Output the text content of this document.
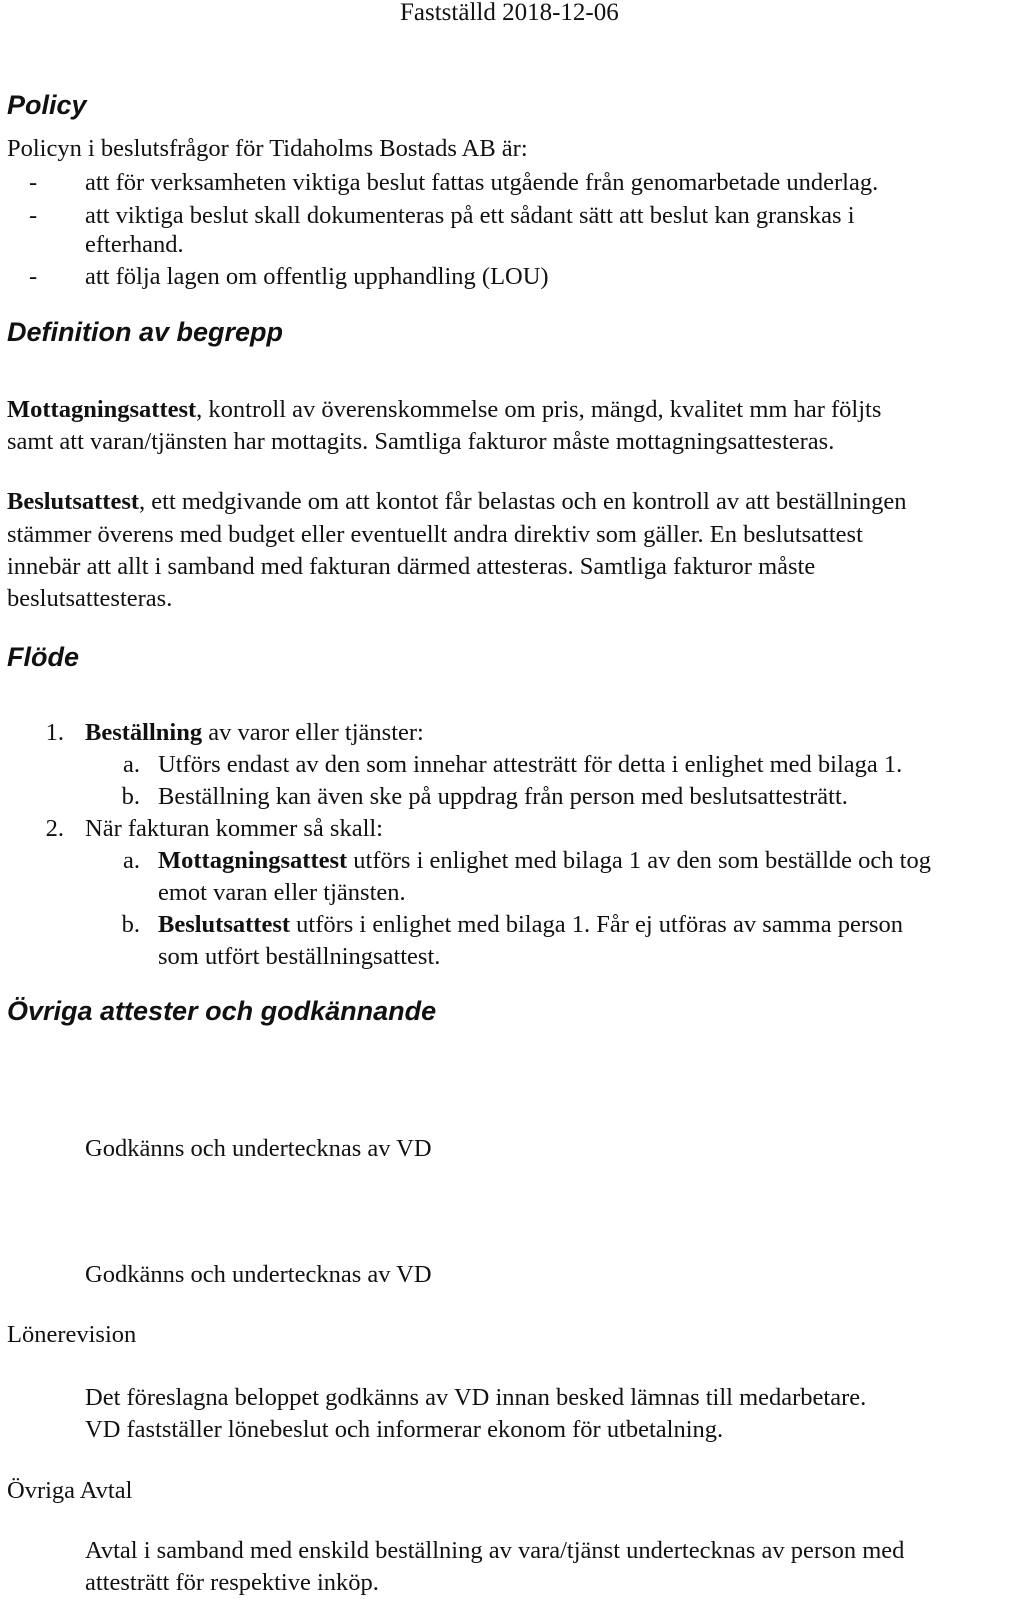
Fastställd 2018-12-06
Policy
Policyn i beslutsfrågor för Tidaholms Bostads AB är:
- att för verksamheten viktiga beslut fattas utgående från genomarbetade underlag.
- att viktiga beslut skall dokumenteras på ett sådant sätt att beslut kan granskas i
efterhand.
- att följa lagen om offentlig upphandling (LOU)
Definition av begrepp
Mottagningsattest, kontroll av överenskommelse om pris, mängd, kvalitet mm har följts
samt att varan/tjänsten har mottagits. Samtliga fakturor måste mottagningsattesteras.
Beslutsattest, ett medgivande om att kontot får belastas och en kontroll av att beställningen
stämmer överens med budget eller eventuellt andra direktiv som gäller. En beslutsattest
innebär att allt i samband med fakturan därmed attesteras. Samtliga fakturor måste
beslutsattesteras.
Flöde
1. Beställning av varor eller tjänster:
a. Utförs endast av den som innehar attesträtt för detta i enlighet med bilaga 1.
b. Beställning kan även ske på uppdrag från person med beslutsattesträtt.
2. När fakturan kommer så skall:
a. Mottagningsattest utförs i enlighet med bilaga 1 av den som beställde och tog
emot varan eller tjänsten.
b. Beslutsattest utförs i enlighet med bilaga 1. Får ej utföras av samma person
som utfört beställningsattest.
Övriga attester och godkännande
Godkänns och undertecknas av VD
Godkänns och undertecknas av VD
Lönerevision
Det föreslagna beloppet godkänns av VD innan besked lämnas till medarbetare.
VD fastställer lönebeslut och informerar ekonom för utbetalning.
Övriga Avtal
Avtal i samband med enskild beställning av vara/tjänst undertecknas av person med
attesträtt för respektive inköp.
